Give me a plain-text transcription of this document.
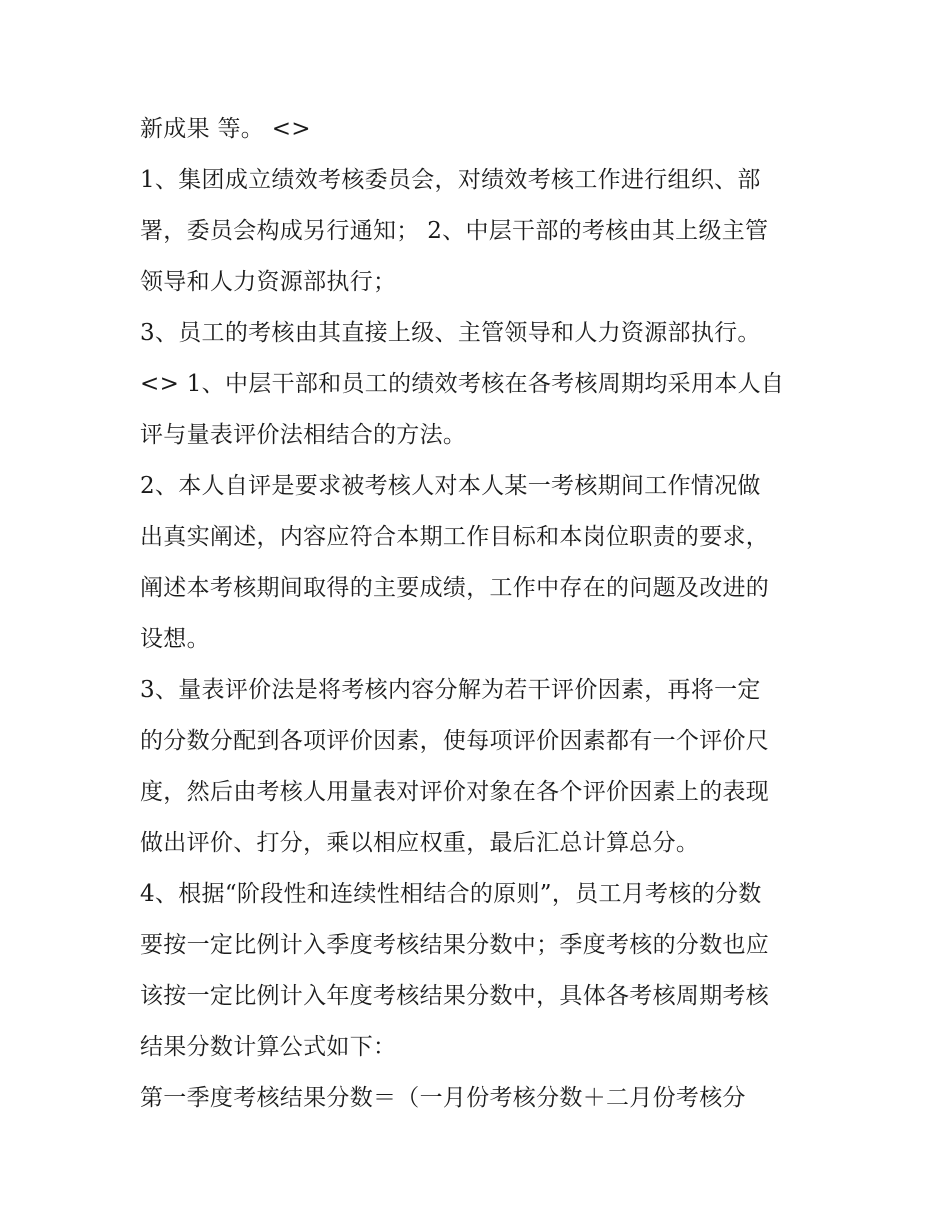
新成果 等。 <>
1、集团成立绩效考核委员会，对绩效考核工作进行组织、部
署，委员会构成另行通知； 2、中层干部的考核由其上级主管
领导和人力资源部执行；
3、员工的考核由其直接上级、主管领导和人力资源部执行。
<> 1、中层干部和员工的绩效考核在各考核周期均采用本人自
评与量表评价法相结合的方法。
2、本人自评是要求被考核人对本人某一考核期间工作情况做
出真实阐述，内容应符合本期工作目标和本岗位职责的要求，
阐述本考核期间取得的主要成绩，工作中存在的问题及改进的
设想。
3、量表评价法是将考核内容分解为若干评价因素，再将一定
的分数分配到各项评价因素，使每项评价因素都有一个评价尺
度，然后由考核人用量表对评价对象在各个评价因素上的表现
做出评价、打分，乘以相应权重，最后汇总计算总分。
4、根据“阶段性和连续性相结合的原则”，员工月考核的分数
要按一定比例计入季度考核结果分数中；季度考核的分数也应
该按一定比例计入年度考核结果分数中，具体各考核周期考核
结果分数计算公式如下：
第一季度考核结果分数＝（一月份考核分数＋二月份考核分
